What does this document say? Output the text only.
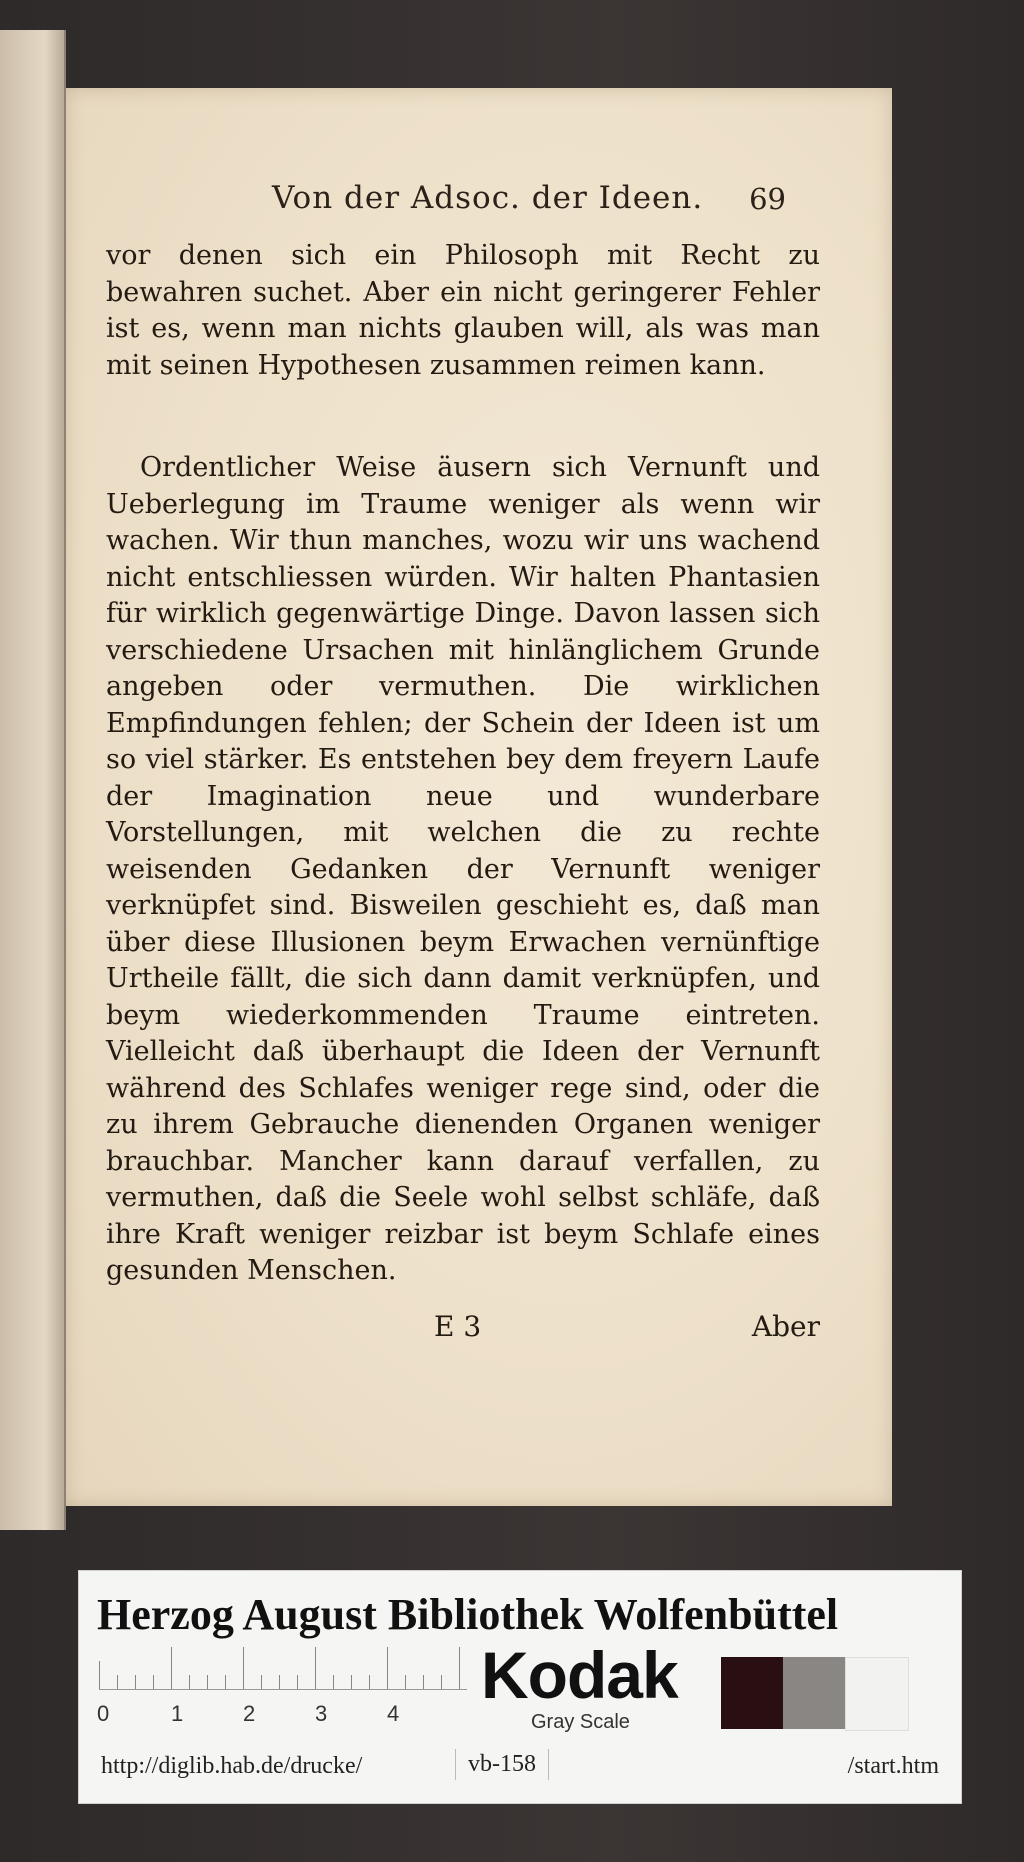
Von der Adsoc. der Ideen. 69

vor denen sich ein Philosoph mit Recht zu bewahren suchet. Aber ein nicht geringerer Fehler ist es, wenn man nichts glauben will, als was man mit seinen Hypothesen zusammen reimen kann.

Ordentlicher Weise äusern sich Vernunft und Ueberlegung im Traume weniger als wenn wir wachen. Wir thun manches, wozu wir uns wachend nicht entschliessen würden. Wir halten Phantasien für wirklich gegenwärtige Dinge. Davon lassen sich verschiedene Ursachen mit hinlänglichem Grunde angeben oder vermuthen. Die wirklichen Empfindungen fehlen; der Schein der Ideen ist um so viel stärker. Es entstehen bey dem freyern Laufe der Imagination neue und wunderbare Vorstellungen, mit welchen die zu rechte weisenden Gedanken der Vernunft weniger verknüpfet sind. Bisweilen geschieht es, daß man über diese Illusionen beym Erwachen vernünftige Urtheile fällt, die sich dann damit verknüpfen, und beym wiederkommenden Traume eintreten. Vielleicht daß überhaupt die Ideen der Vernunft während des Schlafes weniger rege sind, oder die zu ihrem Gebrauche dienenden Organen weniger brauchbar. Mancher kann darauf verfallen, zu vermuthen, daß die Seele wohl selbst schläfe, daß ihre Kraft weniger reizbar ist beym Schlafe eines gesunden Menschen.

E 3	Aber
Herzog August Bibliothek Wolfenbüttel
0	1	2	3	4
Kodak
Gray Scale
http://diglib.hab.de/drucke/	vb-158	/start.htm
